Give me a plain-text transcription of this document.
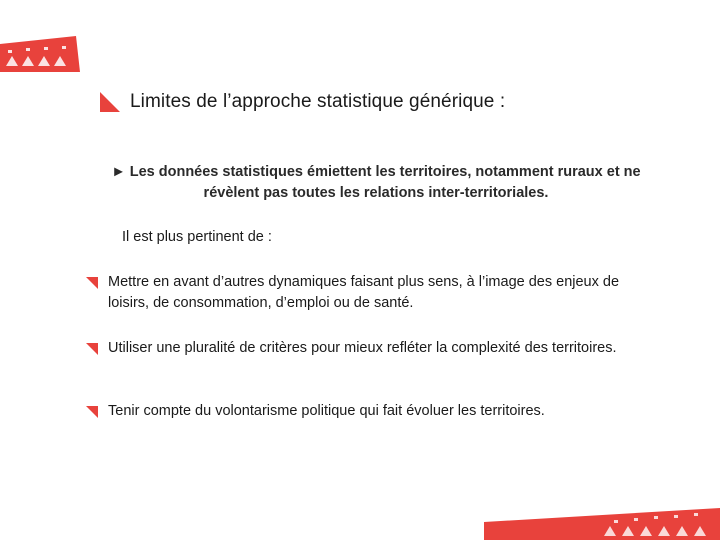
Limites de l’approche statistique générique :
► Les données statistiques émiettent les territoires, notamment ruraux et ne révèlent pas toutes les relations inter-territoriales.
Il est plus pertinent de :
Mettre en avant d’autres dynamiques faisant plus sens, à l’image des enjeux de loisirs, de consommation, d’emploi ou de santé.
Utiliser une pluralité de critères pour mieux refléter la complexité des territoires.
Tenir compte du volontarisme politique qui fait évoluer les territoires.
